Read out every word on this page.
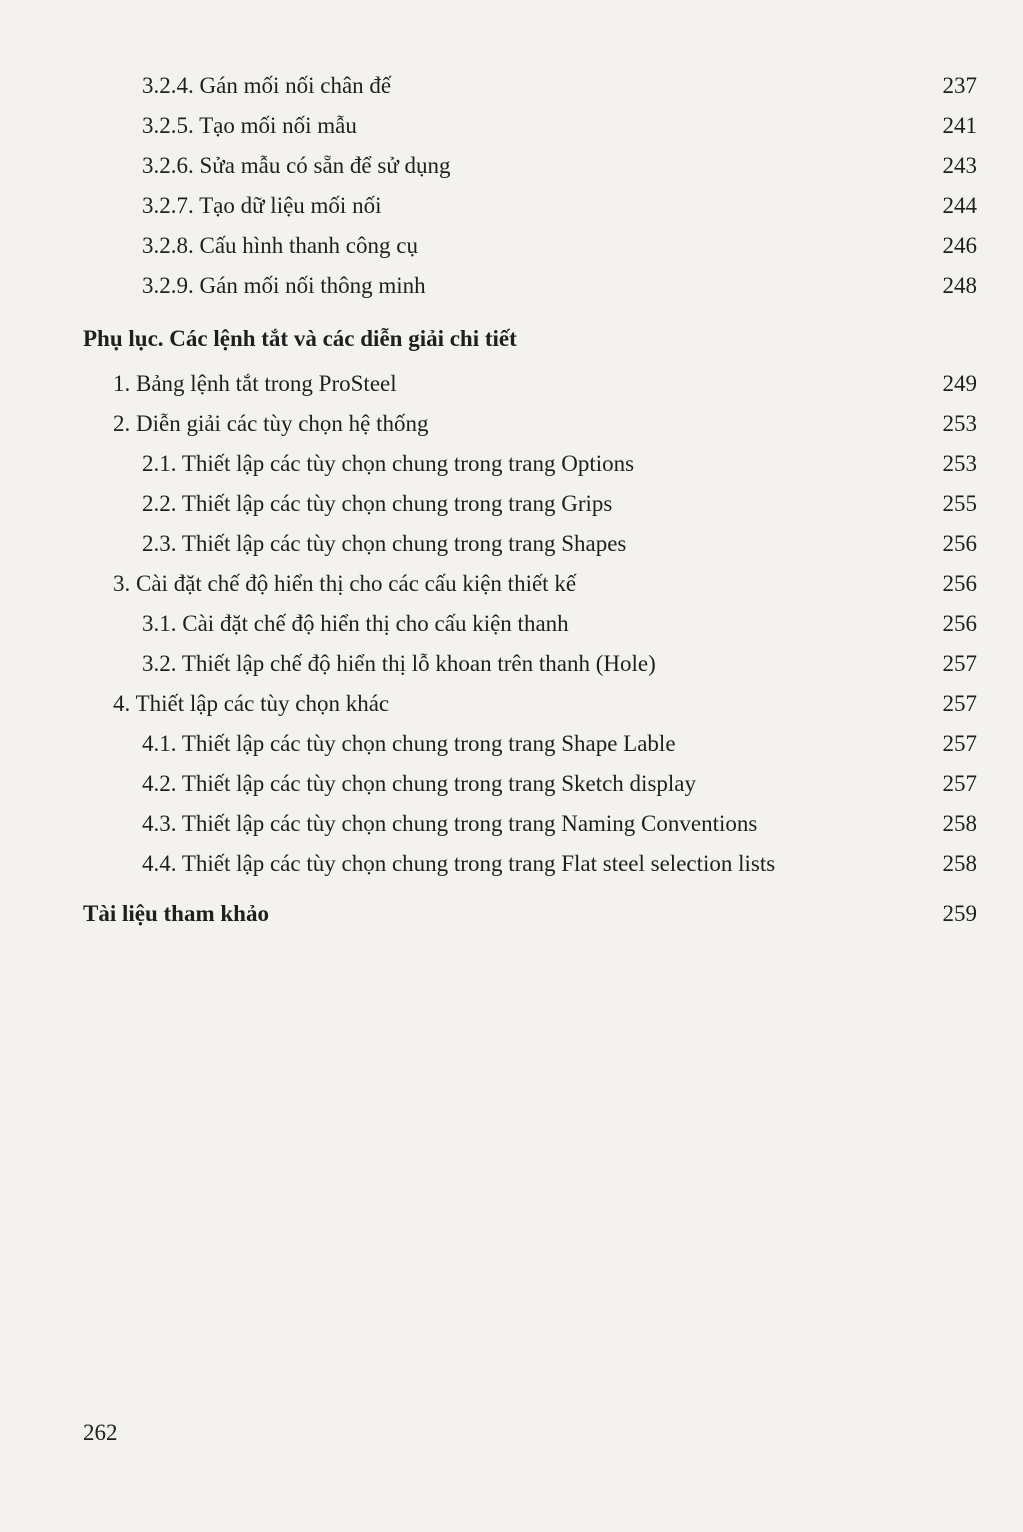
3.2.4. Gán mối nối chân đế	237
3.2.5. Tạo mối nối mẫu	241
3.2.6. Sửa mẫu có sẵn để sử dụng	243
3.2.7. Tạo dữ liệu mối nối	244
3.2.8. Cấu hình thanh công cụ	246
3.2.9. Gán mối nối thông minh	248
Phụ lục. Các lệnh tắt và các diễn giải chi tiết
1. Bảng lệnh tắt trong ProSteel	249
2. Diễn giải các tùy chọn hệ thống	253
2.1. Thiết lập các tùy chọn chung trong trang Options	253
2.2. Thiết lập các tùy chọn chung trong trang Grips	255
2.3. Thiết lập các tùy chọn chung trong trang Shapes	256
3. Cài đặt chế độ hiển thị cho các cấu kiện thiết kế	256
3.1. Cài đặt chế độ hiển thị cho cấu kiện thanh	256
3.2. Thiết lập chế độ hiển thị lỗ khoan trên thanh (Hole)	257
4. Thiết lập các tùy chọn khác	257
4.1. Thiết lập các tùy chọn chung trong trang Shape Lable	257
4.2. Thiết lập các tùy chọn chung trong trang Sketch display	257
4.3. Thiết lập các tùy chọn chung trong trang Naming Conventions	258
4.4. Thiết lập các tùy chọn chung trong trang Flat steel selection lists	258
Tài liệu tham khảo	259
262
